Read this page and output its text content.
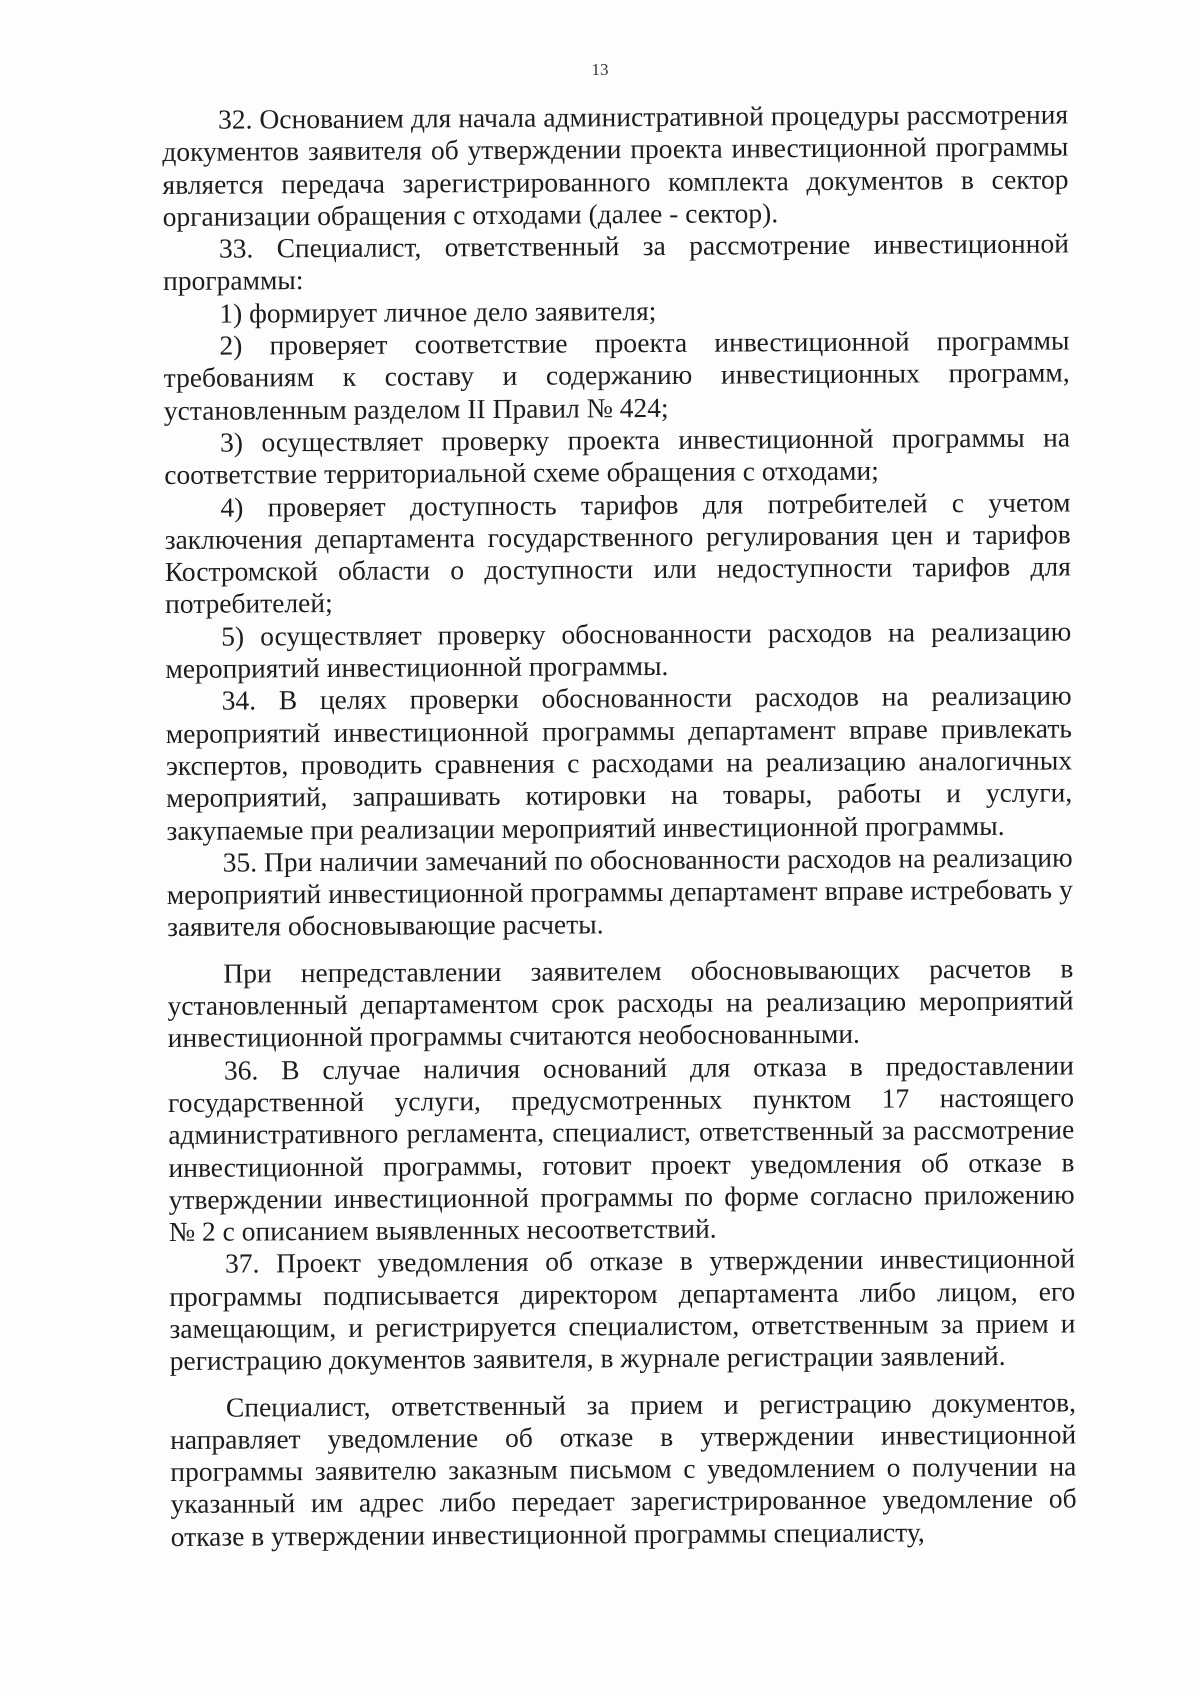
13

32. Основанием для начала административной процедуры рассмотрения документов заявителя об утверждении проекта инвестиционной программы является передача зарегистрированного комплекта документов в сектор организации обращения с отходами (далее - сектор).

33. Специалист, ответственный за рассмотрение инвестиционной программы:

1) формирует личное дело заявителя;

2) проверяет соответствие проекта инвестиционной программы требованиям к составу и содержанию инвестиционных программ, установленным разделом II Правил № 424;

3) осуществляет проверку проекта инвестиционной программы на соответствие территориальной схеме обращения с отходами;

4) проверяет доступность тарифов для потребителей с учетом заключения департамента государственного регулирования цен и тарифов Костромской области о доступности или недоступности тарифов для потребителей;

5) осуществляет проверку обоснованности расходов на реализацию мероприятий инвестиционной программы.

34. В целях проверки обоснованности расходов на реализацию мероприятий инвестиционной программы департамент вправе привлекать экспертов, проводить сравнения с расходами на реализацию аналогичных мероприятий, запрашивать котировки на товары, работы и услуги, закупаемые при реализации мероприятий инвестиционной программы.

35. При наличии замечаний по обоснованности расходов на реализацию мероприятий инвестиционной программы департамент вправе истребовать у заявителя обосновывающие расчеты.

При непредставлении заявителем обосновывающих расчетов в установленный департаментом срок расходы на реализацию мероприятий инвестиционной программы считаются необоснованными.

36. В случае наличия оснований для отказа в предоставлении государственной услуги, предусмотренных пунктом 17 настоящего административного регламента, специалист, ответственный за рассмотрение инвестиционной программы, готовит проект уведомления об отказе в утверждении инвестиционной программы по форме согласно приложению № 2 с описанием выявленных несоответствий.

37. Проект уведомления об отказе в утверждении инвестиционной программы подписывается директором департамента либо лицом, его замещающим, и регистрируется специалистом, ответственным за прием и регистрацию документов заявителя, в журнале регистрации заявлений.

Специалист, ответственный за прием и регистрацию документов, направляет уведомление об отказе в утверждении инвестиционной программы заявителю заказным письмом с уведомлением о получении на указанный им адрес либо передает зарегистрированное уведомление об отказе в утверждении инвестиционной программы специалисту,
